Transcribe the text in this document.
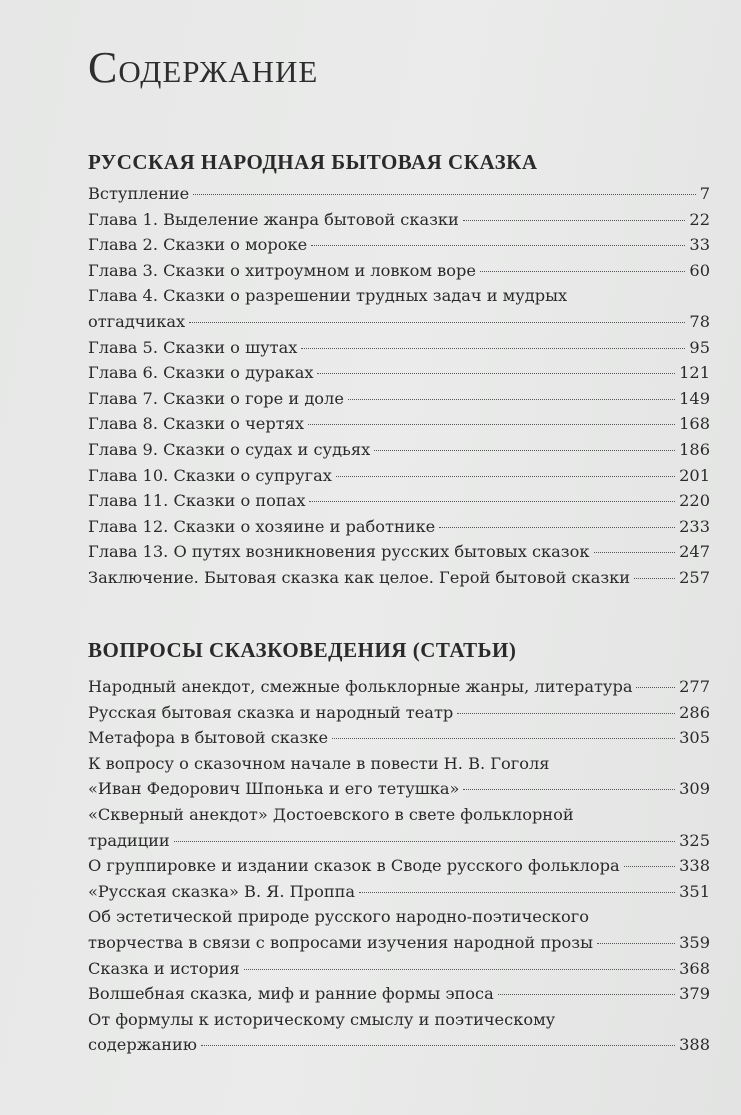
Содержание
РУССКАЯ НАРОДНАЯ БЫТОВАЯ СКАЗКА
Вступление	7
Глава 1. Выделение жанра бытовой сказки	22
Глава 2. Сказки о мороке	33
Глава 3. Сказки о хитроумном и ловком воре	60
Глава 4. Сказки о разрешении трудных задач и мудрых
отгадчиках	78
Глава 5. Сказки о шутах	95
Глава 6. Сказки о дураках	121
Глава 7. Сказки о горе и доле	149
Глава 8. Сказки о чертях	168
Глава 9. Сказки о судах и судьях	186
Глава 10. Сказки о супругах	201
Глава 11. Сказки о попах	220
Глава 12. Сказки о хозяине и работнике	233
Глава 13. О путях возникновения русских бытовых сказок	247
Заключение. Бытовая сказка как целое. Герой бытовой сказки	257
ВОПРОСЫ СКАЗКОВЕДЕНИЯ (СТАТЬИ)
Народный анекдот, смежные фольклорные жанры, литература	277
Русская бытовая сказка и народный театр	286
Метафора в бытовой сказке	305
К вопросу о сказочном начале в повести Н. В. Гоголя
«Иван Федорович Шпонька и его тетушка»	309
«Скверный анекдот» Достоевского в свете фольклорной
традиции	325
О группировке и издании сказок в Своде русского фольклора	338
«Русская сказка» В. Я. Проппа	351
Об эстетической природе русского народно-поэтического
творчества в связи с вопросами изучения народной прозы	359
Сказка и история	368
Волшебная сказка, миф и ранние формы эпоса	379
От формулы к историческому смыслу и поэтическому
содержанию	388
